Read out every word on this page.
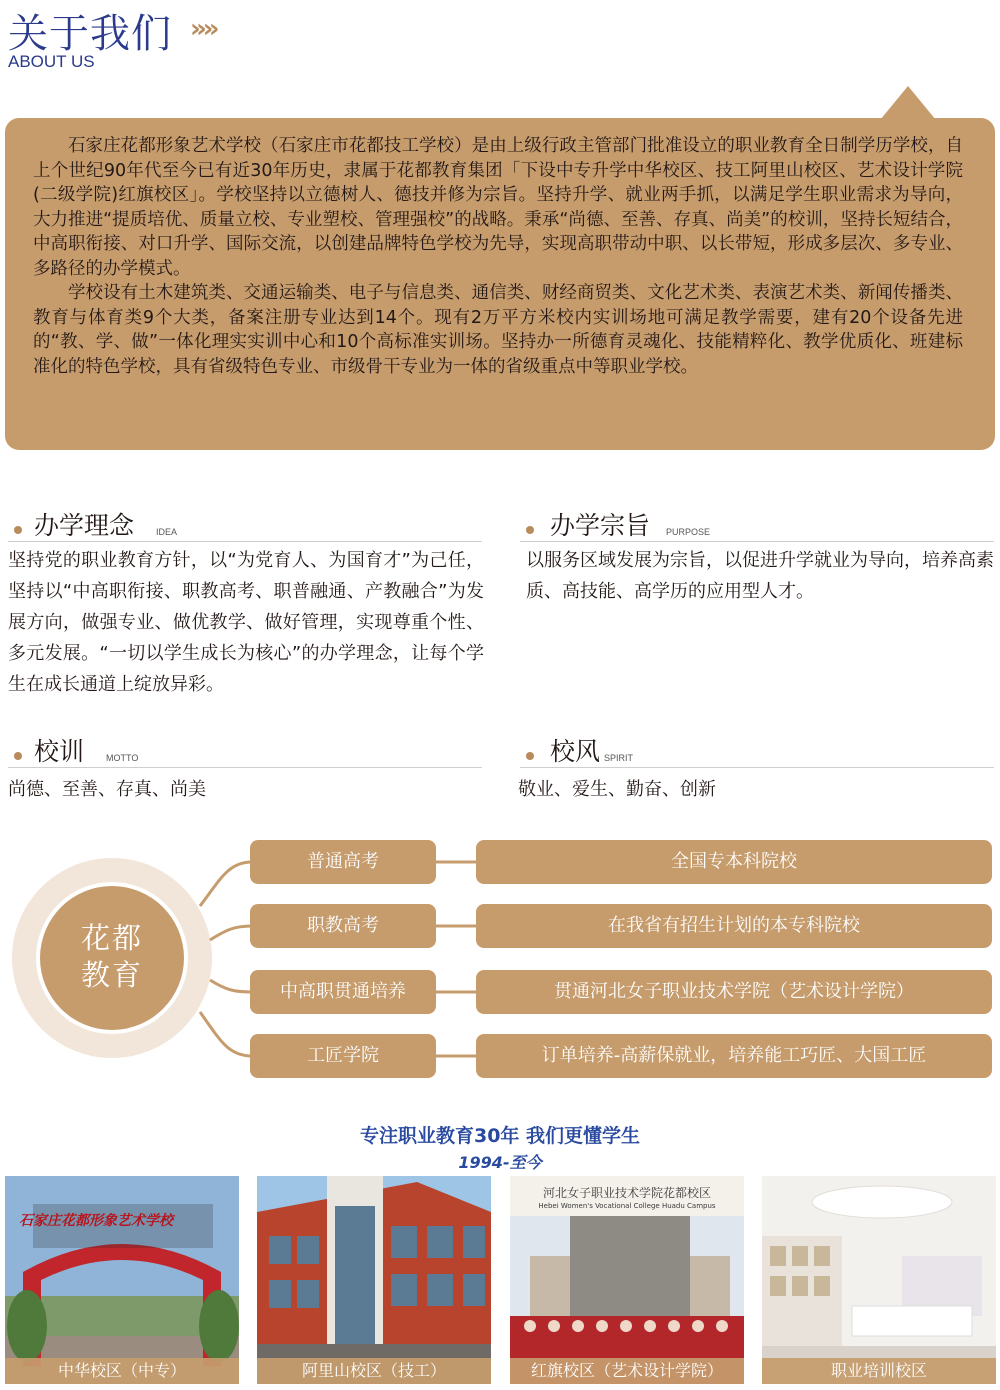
关于我们 »»
ABOUT US

石家庄花都形象艺术学校（石家庄市花都技工学校）是由上级行政主管部门批准设立的职业教育全日制学历学校，自上个世纪90年代至今已有近30年历史，隶属于花都教育集团「下设中专升学中华校区、技工阿里山校区、艺术设计学院(二级学院)红旗校区」。学校坚持以立德树人、德技并修为宗旨。坚持升学、就业两手抓，以满足学生职业需求为导向，大力推进“提质培优、质量立校、专业塑校、管理强校”的战略。秉承“尚德、至善、存真、尚美”的校训，坚持长短结合，中高职衔接、对口升学、国际交流，以创建品牌特色学校为先导，实现高职带动中职、以长带短，形成多层次、多专业、多路径的办学模式。

学校设有土木建筑类、交通运输类、电子与信息类、通信类、财经商贸类、文化艺术类、表演艺术类、新闻传播类、教育与体育类9个大类，备案注册专业达到14个。现有2万平方米校内实训场地可满足教学需要，建有20个设备先进的“教、学、做”一体化理实实训中心和10个高标准实训场。坚持办一所德育灵魂化、技能精粹化、教学优质化、班建标准化的特色学校，具有省级特色专业、市级骨干专业为一体的省级重点中等职业学校。

办学理念 IDEA
坚持党的职业教育方针，以“为党育人、为国育才”为己任，坚持以“中高职衔接、职教高考、职普融通、产教融合”为发展方向，做强专业、做优教学、做好管理，实现尊重个性、多元发展。“一切以学生成长为核心”的办学理念，让每个学生在成长通道上绽放异彩。
办学宗旨 PURPOSE
以服务区域发展为宗旨，以促进升学就业为导向，培养高素质、高技能、高学历的应用型人才。
校训 MOTTO
尚德、至善、存真、尚美
校风 SPIRIT
敬业、爱生、勤奋、创新
花都
教育
普通高考	全国专本科院校
职教高考	在我省有招生计划的本专科院校
中高职贯通培养	贯通河北女子职业技术学院（艺术设计学院）
工匠学院	订单培养-高薪保就业，培养能工巧匠、大国工匠
专注职业教育30年 我们更懂学生
1994-至今
石家庄花都形象艺术学校
中华校区（中专）	阿里山校区（技工）
河北女子职业技术学院花都校区
Hebei Women's Vocational College Huadu Campus
红旗校区（艺术设计学院）	职业培训校区
